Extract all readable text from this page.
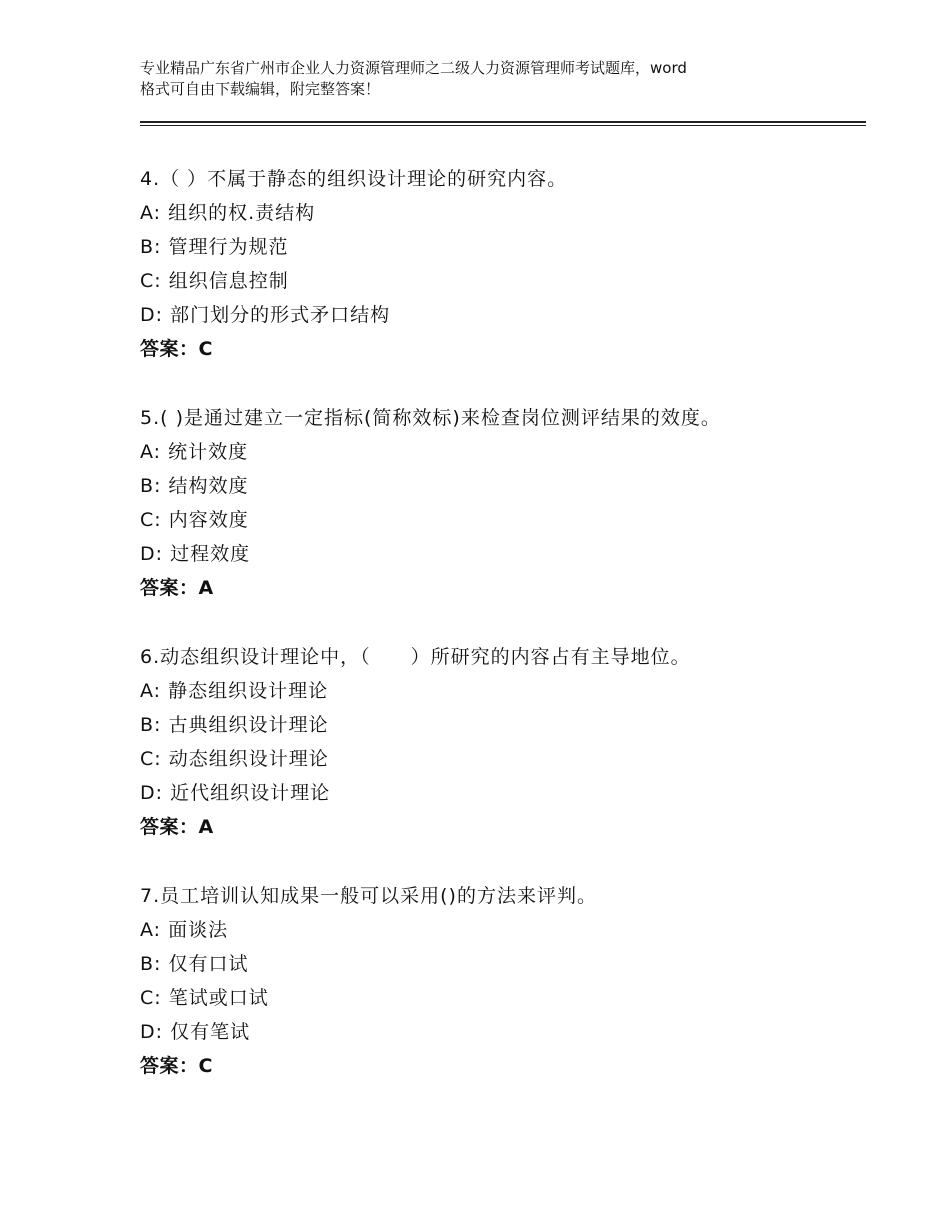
专业精品广东省广州市企业人力资源管理师之二级人力资源管理师考试题库，word
格式可自由下载编辑，附完整答案！
4.（ ）不属于静态的组织设计理论的研究内容。
A: 组织的权.责结构
B: 管理行为规范
C: 组织信息控制
D: 部门划分的形式矛口结构
答案：C
5.( )是通过建立一定指标(简称效标)来检查岗位测评结果的效度。
A: 统计效度
B: 结构效度
C: 内容效度
D: 过程效度
答案：A
6.动态组织设计理论中，（　　）所研究的内容占有主导地位。
A: 静态组织设计理论
B: 古典组织设计理论
C: 动态组织设计理论
D: 近代组织设计理论
答案：A
7.员工培训认知成果一般可以采用()的方法来评判。
A: 面谈法
B: 仅有口试
C: 笔试或口试
D: 仅有笔试
答案：C
